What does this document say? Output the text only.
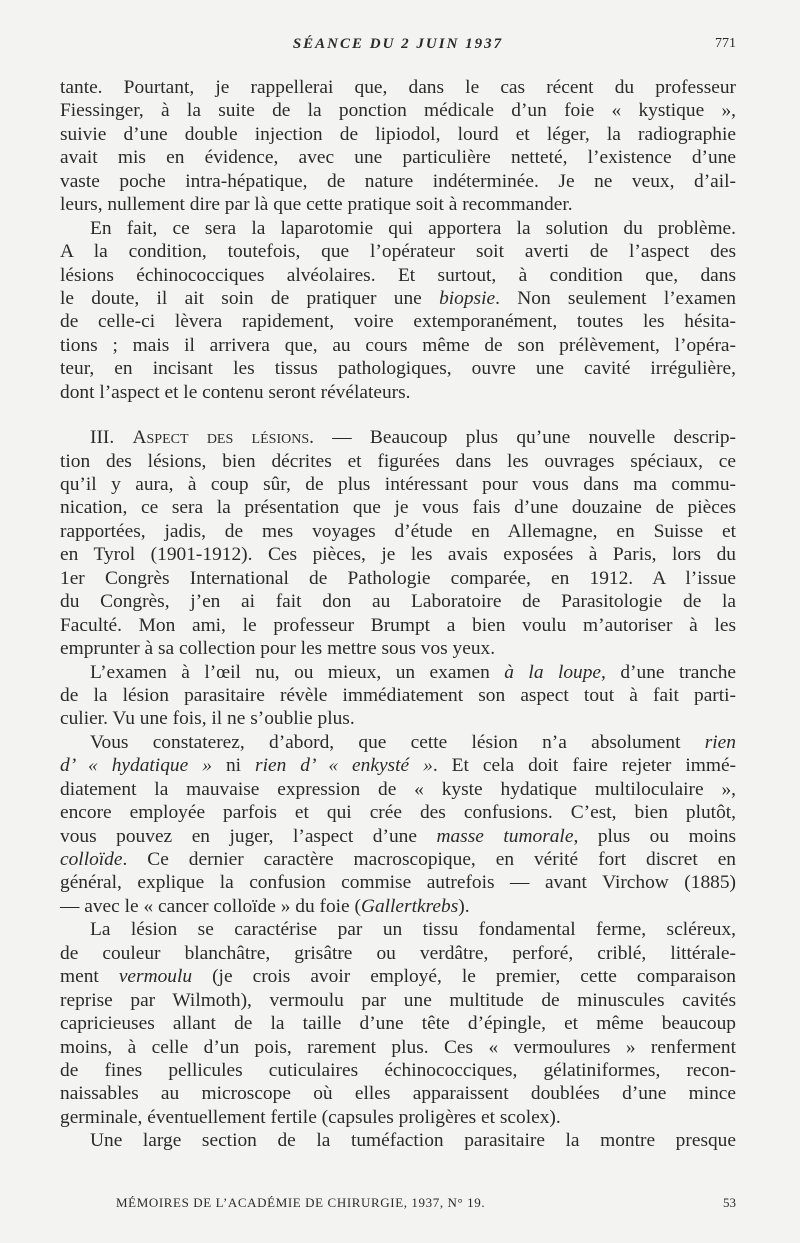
SÉANCE DU 2 JUIN 1937	771
tante. Pourtant, je rappellerai que, dans le cas récent du professeur
Fiessinger, à la suite de la ponction médicale d’un foie « kystique »,
suivie d’une double injection de lipiodol, lourd et léger, la radiographie
avait mis en évidence, avec une particulière netteté, l’existence d’une
vaste poche intra-hépatique, de nature indéterminée. Je ne veux, d’ail-
leurs, nullement dire par là que cette pratique soit à recommander.
En fait, ce sera la laparotomie qui apportera la solution du problème.
A la condition, toutefois, que l’opérateur soit averti de l’aspect des
lésions échinococciques alvéolaires. Et surtout, à condition que, dans
le doute, il ait soin de pratiquer une biopsie. Non seulement l’examen
de celle-ci lèvera rapidement, voire extemporanément, toutes les hésita-
tions ; mais il arrivera que, au cours même de son prélèvement, l’opéra-
teur, en incisant les tissus pathologiques, ouvre une cavité irrégulière,
dont l’aspect et le contenu seront révélateurs.
III. Aspect des lésions. — Beaucoup plus qu’une nouvelle descrip-
tion des lésions, bien décrites et figurées dans les ouvrages spéciaux, ce
qu’il y aura, à coup sûr, de plus intéressant pour vous dans ma commu-
nication, ce sera la présentation que je vous fais d’une douzaine de pièces
rapportées, jadis, de mes voyages d’étude en Allemagne, en Suisse et
en Tyrol (1901-1912). Ces pièces, je les avais exposées à Paris, lors du
1er Congrès International de Pathologie comparée, en 1912. A l’issue
du Congrès, j’en ai fait don au Laboratoire de Parasitologie de la
Faculté. Mon ami, le professeur Brumpt a bien voulu m’autoriser à les
emprunter à sa collection pour les mettre sous vos yeux.
L’examen à l’œil nu, ou mieux, un examen à la loupe, d’une tranche
de la lésion parasitaire révèle immédiatement son aspect tout à fait parti-
culier. Vu une fois, il ne s’oublie plus.
Vous constaterez, d’abord, que cette lésion n’a absolument rien
d’ « hydatique » ni rien d’ « enkysté ». Et cela doit faire rejeter immé-
diatement la mauvaise expression de « kyste hydatique multiloculaire »,
encore employée parfois et qui crée des confusions. C’est, bien plutôt,
vous pouvez en juger, l’aspect d’une masse tumorale, plus ou moins
colloïde. Ce dernier caractère macroscopique, en vérité fort discret en
général, explique la confusion commise autrefois — avant Virchow (1885)
— avec le « cancer colloïde » du foie (Gallertkrebs).
La lésion se caractérise par un tissu fondamental ferme, scléreux,
de couleur blanchâtre, grisâtre ou verdâtre, perforé, criblé, littérale-
ment vermoulu (je crois avoir employé, le premier, cette comparaison
reprise par Wilmoth), vermoulu par une multitude de minuscules cavités
capricieuses allant de la taille d’une tête d’épingle, et même beaucoup
moins, à celle d’un pois, rarement plus. Ces « vermoulures » renferment
de fines pellicules cuticulaires échinococciques, gélatiniformes, recon-
naissables au microscope où elles apparaissent doublées d’une mince
germinale, éventuellement fertile (capsules proligères et scolex).
Une large section de la tuméfaction parasitaire la montre presque
MÉMOIRES DE L’ACADÉMIE DE CHIRURGIE, 1937, N° 19.	53
